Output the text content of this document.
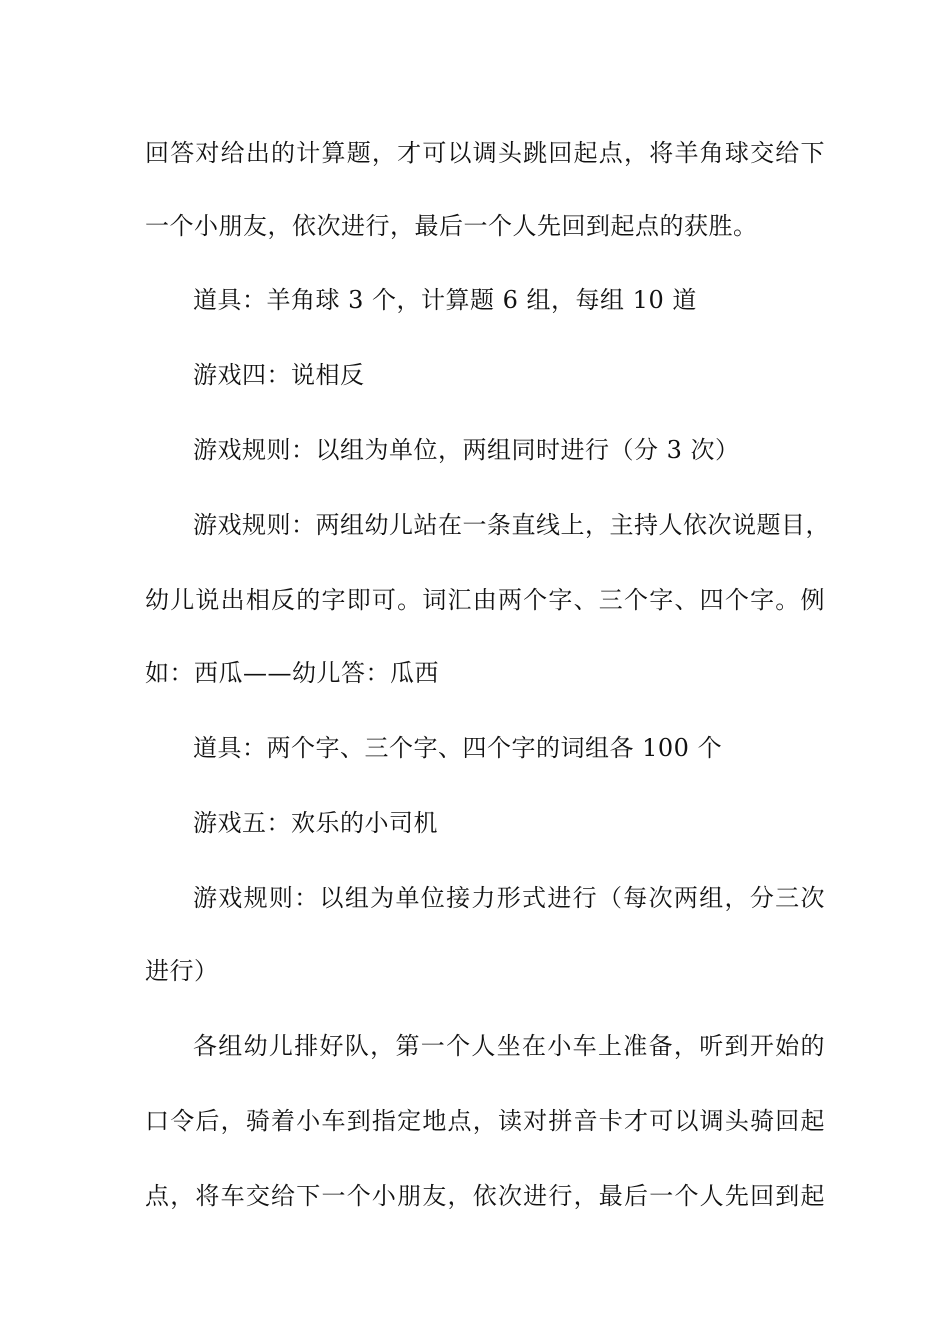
回答对给出的计算题，才可以调头跳回起点，将羊角球交给下
一个小朋友，依次进行，最后一个人先回到起点的获胜。
道具：羊角球 3 个，计算题 6 组，每组 10 道
游戏四：说相反
游戏规则：以组为单位，两组同时进行（分 3 次）
游戏规则：两组幼儿站在一条直线上，主持人依次说题目，
幼儿说出相反的字即可。词汇由两个字、三个字、四个字。例
如：西瓜——幼儿答：瓜西
道具：两个字、三个字、四个字的词组各 100 个
游戏五：欢乐的小司机
游戏规则：以组为单位接力形式进行（每次两组，分三次
进行）
各组幼儿排好队，第一个人坐在小车上准备，听到开始的
口令后，骑着小车到指定地点，读对拼音卡才可以调头骑回起
点，将车交给下一个小朋友，依次进行，最后一个人先回到起
